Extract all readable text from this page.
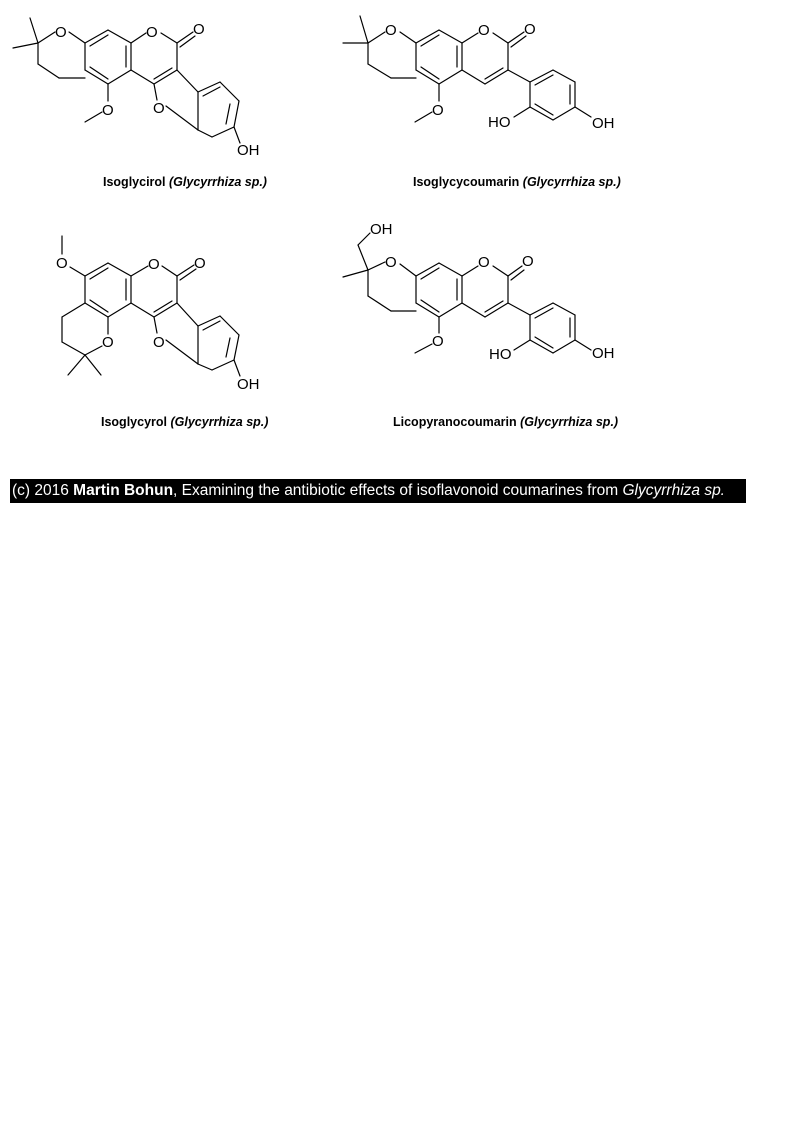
O	O O
O	O
OH
O	O O
O
HO	OH
O	O O
O	O
OH
OH
O	O O
O
HO	OH
Isoglycirol (Glycyrrhiza sp.)	Isoglycycoumarin (Glycyrrhiza sp.)
Isoglycyrol (Glycyrrhiza sp.)	Licopyranocoumarin (Glycyrrhiza sp.)
(c) 2016 Martin Bohun, Examining the antibiotic effects of isoflavonoid coumarines from Glycyrrhiza sp.
